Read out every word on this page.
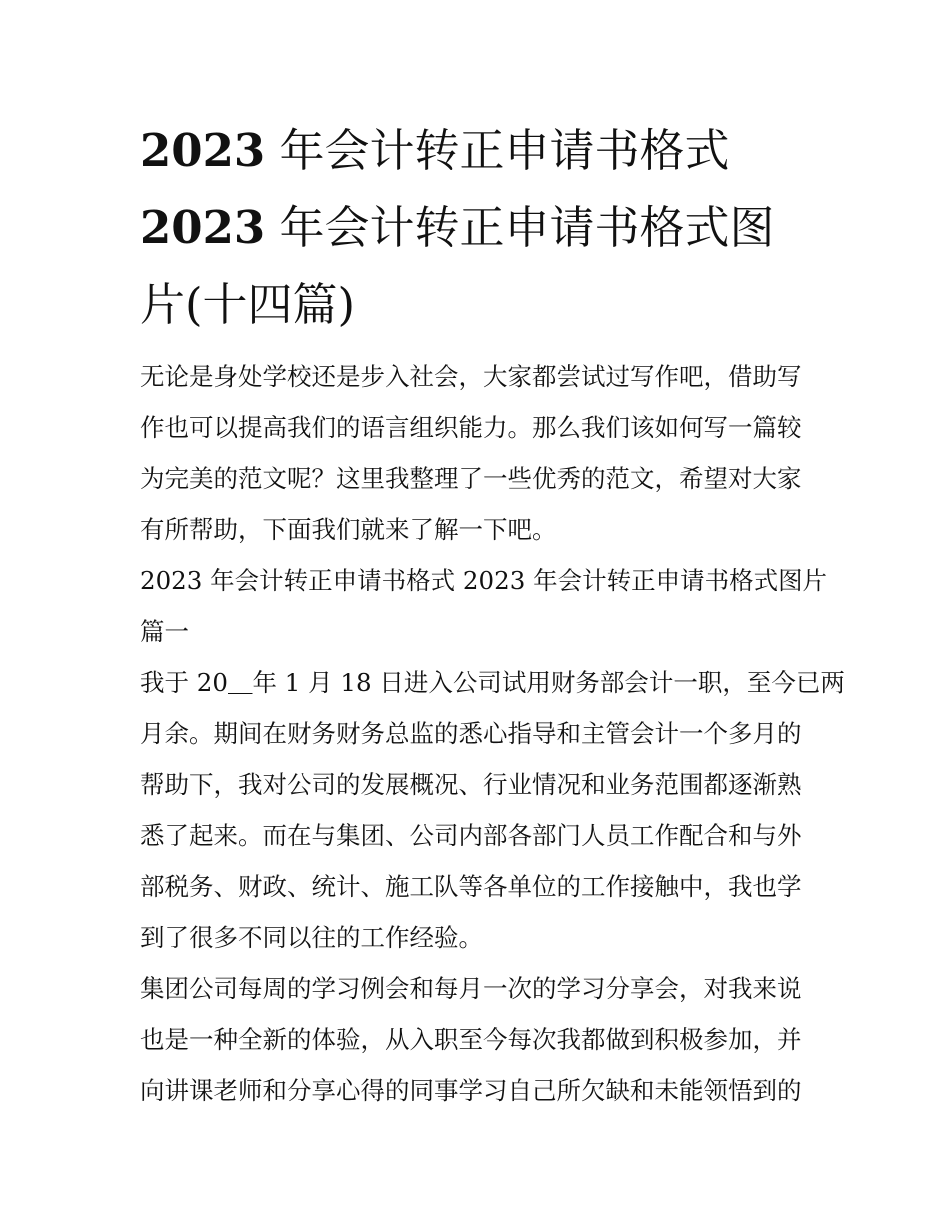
2023 年会计转正申请书格式
2023 年会计转正申请书格式图
片(十四篇)

无论是身处学校还是步入社会，大家都尝试过写作吧，借助写
作也可以提高我们的语言组织能力。那么我们该如何写一篇较
为完美的范文呢？这里我整理了一些优秀的范文，希望对大家
有所帮助，下面我们就来了解一下吧。

2023 年会计转正申请书格式 2023 年会计转正申请书格式图片
篇一

我于 20＿年 1 月 18 日进入公司试用财务部会计一职，至今已两
月余。期间在财务财务总监的悉心指导和主管会计一个多月的
帮助下，我对公司的发展概况、行业情况和业务范围都逐渐熟
悉了起来。而在与集团、公司内部各部门人员工作配合和与外
部税务、财政、统计、施工队等各单位的工作接触中，我也学
到了很多不同以往的工作经验。

集团公司每周的学习例会和每月一次的学习分享会，对我来说
也是一种全新的体验，从入职至今每次我都做到积极参加，并
向讲课老师和分享心得的同事学习自己所欠缺和未能领悟到的
